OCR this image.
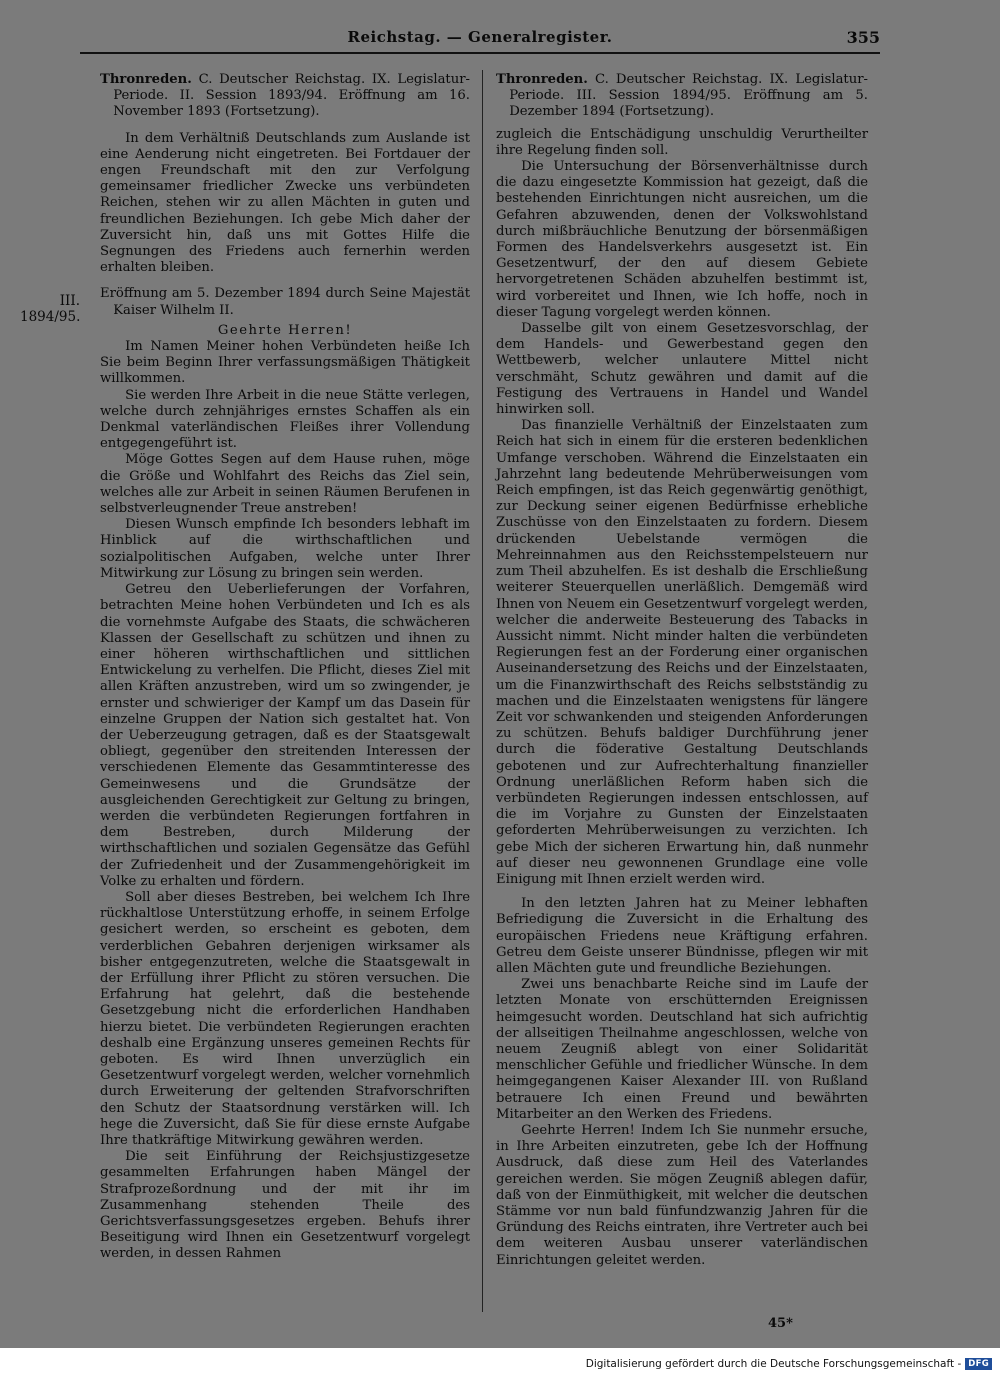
Reichstag. — Generalregister.	355
III.
1894/95.

Thronreden. C. Deutscher Reichstag. IX. Legislatur-Periode. II. Session 1893/94. Eröffnung am 16. November 1893 (Fortsetzung).

In dem Verhältniß Deutschlands zum Auslande ist eine Aenderung nicht eingetreten. Bei Fortdauer der engen Freundschaft mit den zur Verfolgung gemeinsamer friedlicher Zwecke uns verbündeten Reichen, stehen wir zu allen Mächten in guten und freundlichen Beziehungen. Ich gebe Mich daher der Zuversicht hin, daß uns mit Gottes Hilfe die Segnungen des Friedens auch fernerhin werden erhalten bleiben.

Eröffnung am 5. Dezember 1894 durch Seine Majestät Kaiser Wilhelm II.

Geehrte Herren!

Im Namen Meiner hohen Verbündeten heiße Ich Sie beim Beginn Ihrer verfassungsmäßigen Thätigkeit willkommen.

Sie werden Ihre Arbeit in die neue Stätte verlegen, welche durch zehnjähriges ernstes Schaffen als ein Denkmal vaterländischen Fleißes ihrer Vollendung entgegengeführt ist.

Möge Gottes Segen auf dem Hause ruhen, möge die Größe und Wohlfahrt des Reichs das Ziel sein, welches alle zur Arbeit in seinen Räumen Berufenen in selbstverleugnender Treue anstreben!

Diesen Wunsch empfinde Ich besonders lebhaft im Hinblick auf die wirthschaftlichen und sozialpolitischen Aufgaben, welche unter Ihrer Mitwirkung zur Lösung zu bringen sein werden.

Getreu den Ueberlieferungen der Vorfahren, betrachten Meine hohen Verbündeten und Ich es als die vornehmste Aufgabe des Staats, die schwächeren Klassen der Gesellschaft zu schützen und ihnen zu einer höheren wirthschaftlichen und sittlichen Entwickelung zu verhelfen. Die Pflicht, dieses Ziel mit allen Kräften anzustreben, wird um so zwingender, je ernster und schwieriger der Kampf um das Dasein für einzelne Gruppen der Nation sich gestaltet hat. Von der Ueberzeugung getragen, daß es der Staatsgewalt obliegt, gegenüber den streitenden Interessen der verschiedenen Elemente das Gesammtinteresse des Gemeinwesens und die Grundsätze der ausgleichenden Gerechtigkeit zur Geltung zu bringen, werden die verbündeten Regierungen fortfahren in dem Bestreben, durch Milderung der wirthschaftlichen und sozialen Gegensätze das Gefühl der Zufriedenheit und der Zusammengehörigkeit im Volke zu erhalten und fördern.

Soll aber dieses Bestreben, bei welchem Ich Ihre rückhaltlose Unterstützung erhoffe, in seinem Erfolge gesichert werden, so erscheint es geboten, dem verderblichen Gebahren derjenigen wirksamer als bisher entgegenzutreten, welche die Staatsgewalt in der Erfüllung ihrer Pflicht zu stören versuchen. Die Erfahrung hat gelehrt, daß die bestehende Gesetzgebung nicht die erforderlichen Handhaben hierzu bietet. Die verbündeten Regierungen erachten deshalb eine Ergänzung unseres gemeinen Rechts für geboten. Es wird Ihnen unverzüglich ein Gesetzentwurf vorgelegt werden, welcher vornehmlich durch Erweiterung der geltenden Strafvorschriften den Schutz der Staatsordnung verstärken will. Ich hege die Zuversicht, daß Sie für diese ernste Aufgabe Ihre thatkräftige Mitwirkung gewähren werden.

Die seit Einführung der Reichsjustizgesetze gesammelten Erfahrungen haben Mängel der Strafprozeßordnung und der mit ihr im Zusammenhang stehenden Theile des Gerichtsverfassungsgesetzes ergeben. Behufs ihrer Beseitigung wird Ihnen ein Gesetzentwurf vorgelegt werden, in dessen Rahmen

Thronreden. C. Deutscher Reichstag. IX. Legislatur-Periode. III. Session 1894/95. Eröffnung am 5. Dezember 1894 (Fortsetzung).

zugleich die Entschädigung unschuldig Verurtheilter ihre Regelung finden soll.

Die Untersuchung der Börsenverhältnisse durch die dazu eingesetzte Kommission hat gezeigt, daß die bestehenden Einrichtungen nicht ausreichen, um die Gefahren abzuwenden, denen der Volkswohlstand durch mißbräuchliche Benutzung der börsenmäßigen Formen des Handelsverkehrs ausgesetzt ist. Ein Gesetzentwurf, der den auf diesem Gebiete hervorgetretenen Schäden abzuhelfen bestimmt ist, wird vorbereitet und Ihnen, wie Ich hoffe, noch in dieser Tagung vorgelegt werden können.

Dasselbe gilt von einem Gesetzesvorschlag, der dem Handels- und Gewerbestand gegen den Wettbewerb, welcher unlautere Mittel nicht verschmäht, Schutz gewähren und damit auf die Festigung des Vertrauens in Handel und Wandel hinwirken soll.

Das finanzielle Verhältniß der Einzelstaaten zum Reich hat sich in einem für die ersteren bedenklichen Umfange verschoben. Während die Einzelstaaten ein Jahrzehnt lang bedeutende Mehrüberweisungen vom Reich empfingen, ist das Reich gegenwärtig genöthigt, zur Deckung seiner eigenen Bedürfnisse erhebliche Zuschüsse von den Einzelstaaten zu fordern. Diesem drückenden Uebelstande vermögen die Mehreinnahmen aus den Reichsstempelsteuern nur zum Theil abzuhelfen. Es ist deshalb die Erschließung weiterer Steuerquellen unerläßlich. Demgemäß wird Ihnen von Neuem ein Gesetzentwurf vorgelegt werden, welcher die anderweite Besteuerung des Tabacks in Aussicht nimmt. Nicht minder halten die verbündeten Regierungen fest an der Forderung einer organischen Auseinandersetzung des Reichs und der Einzelstaaten, um die Finanzwirthschaft des Reichs selbstständig zu machen und die Einzelstaaten wenigstens für längere Zeit vor schwankenden und steigenden Anforderungen zu schützen. Behufs baldiger Durchführung jener durch die föderative Gestaltung Deutschlands gebotenen und zur Aufrechterhaltung finanzieller Ordnung unerläßlichen Reform haben sich die verbündeten Regierungen indessen entschlossen, auf die im Vorjahre zu Gunsten der Einzelstaaten geforderten Mehrüberweisungen zu verzichten. Ich gebe Mich der sicheren Erwartung hin, daß nunmehr auf dieser neu gewonnenen Grundlage eine volle Einigung mit Ihnen erzielt werden wird.

In den letzten Jahren hat zu Meiner lebhaften Befriedigung die Zuversicht in die Erhaltung des europäischen Friedens neue Kräftigung erfahren. Getreu dem Geiste unserer Bündnisse, pflegen wir mit allen Mächten gute und freundliche Beziehungen.

Zwei uns benachbarte Reiche sind im Laufe der letzten Monate von erschütternden Ereignissen heimgesucht worden. Deutschland hat sich aufrichtig der allseitigen Theilnahme angeschlossen, welche von neuem Zeugniß ablegt von einer Solidarität menschlicher Gefühle und friedlicher Wünsche. In dem heimgegangenen Kaiser Alexander III. von Rußland betrauere Ich einen Freund und bewährten Mitarbeiter an den Werken des Friedens.

Geehrte Herren! Indem Ich Sie nunmehr ersuche, in Ihre Arbeiten einzutreten, gebe Ich der Hoffnung Ausdruck, daß diese zum Heil des Vaterlandes gereichen werden. Sie mögen Zeugniß ablegen dafür, daß von der Einmüthigkeit, mit welcher die deutschen Stämme vor nun bald fünfundzwanzig Jahren für die Gründung des Reichs eintraten, ihre Vertreter auch bei dem weiteren Ausbau unserer vaterländischen Einrichtungen geleitet werden.

45*
Digitalisierung gefördert durch die Deutsche Forschungsgemeinschaft - DFG
